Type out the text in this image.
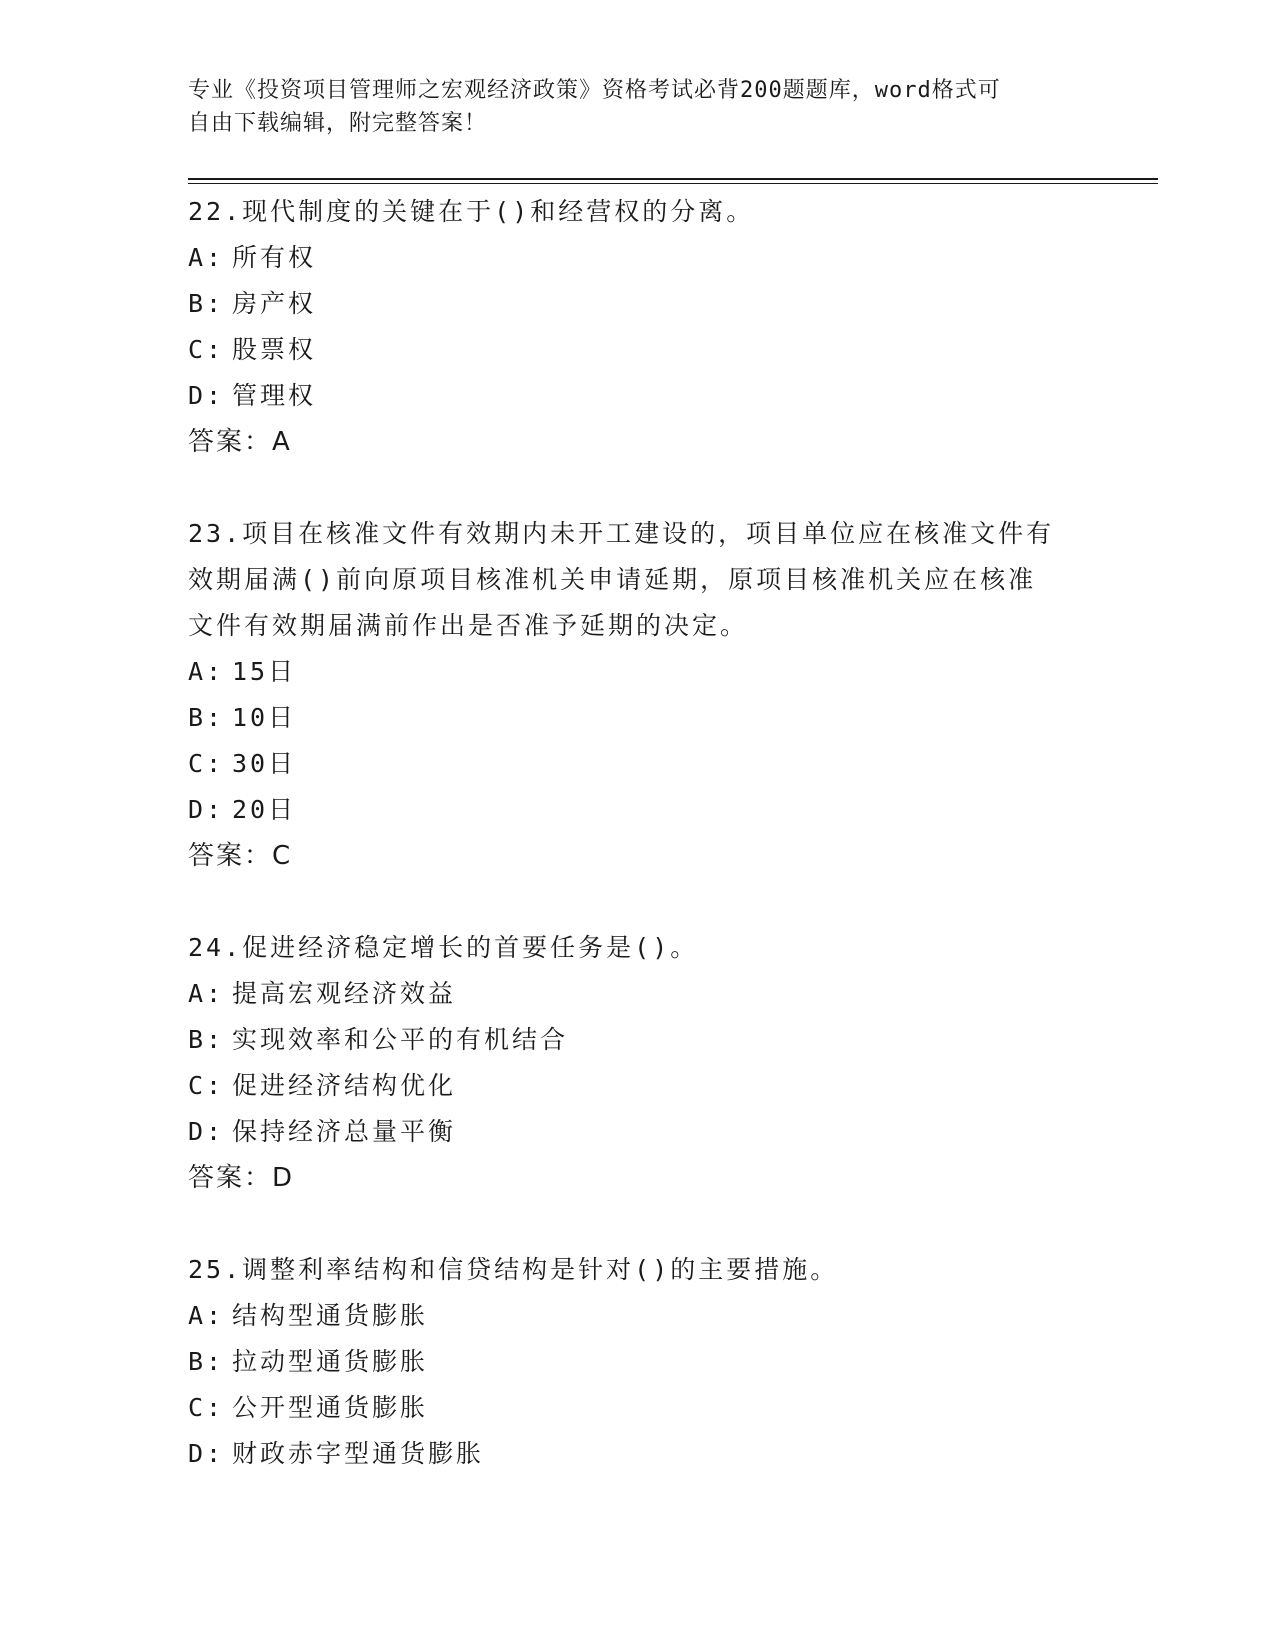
专业《投资项目管理师之宏观经济政策》资格考试必背200题题库，word格式可
自由下载编辑，附完整答案！
22.现代制度的关键在于()和经营权的分离。
A: 所有权
B: 房产权
C: 股票权
D: 管理权
答案：A
23.项目在核准文件有效期内未开工建设的，项目单位应在核准文件有
效期届满()前向原项目核准机关申请延期，原项目核准机关应在核准
文件有效期届满前作出是否准予延期的决定。
A: 15日
B: 10日
C: 30日
D: 20日
答案：C
24.促进经济稳定增长的首要任务是()。
A: 提高宏观经济效益
B: 实现效率和公平的有机结合
C: 促进经济结构优化
D: 保持经济总量平衡
答案：D
25.调整利率结构和信贷结构是针对()的主要措施。
A: 结构型通货膨胀
B: 拉动型通货膨胀
C: 公开型通货膨胀
D: 财政赤字型通货膨胀
